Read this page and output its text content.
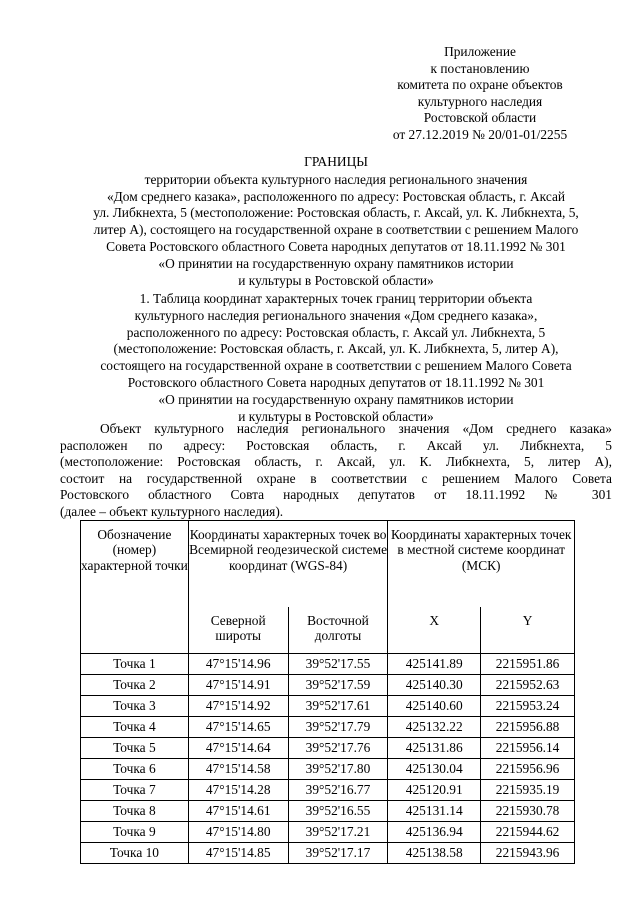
Приложение
к постановлению
комитета по охране объектов
культурного наследия
Ростовской области
от 27.12.2019 № 20/01-01/2255
ГРАНИЦЫ
территории объекта культурного наследия регионального значения
«Дом среднего казака», расположенного по адресу: Ростовская область, г. Аксай
ул. Либкнехта, 5 (местоположение: Ростовская область, г. Аксай, ул. К. Либкнехта, 5,
литер А), состоящего на государственной охране в соответствии с решением Малого
Совета Ростовского областного Совета народных депутатов от 18.11.1992 № 301
«О принятии на государственную охрану памятников истории
и культуры в Ростовской области»
1. Таблица координат характерных точек границ территории объекта
культурного наследия регионального значения «Дом среднего казака»,
расположенного по адресу: Ростовская область, г. Аксай ул. Либкнехта, 5
(местоположение: Ростовская область, г. Аксай, ул. К. Либкнехта, 5, литер А),
состоящего на государственной охране в соответствии с решением Малого Совета
Ростовского областного Совета народных депутатов от 18.11.1992 № 301
«О принятии на государственную охрану памятников истории
и культуры в Ростовской области»
Объект культурного наследия регионального значения «Дом среднего казака»
расположен по адресу: Ростовская область, г. Аксай ул. Либкнехта, 5
(местоположение: Ростовская область, г. Аксай, ул. К. Либкнехта, 5, литер А),
состоит на государственной охране в соответствии с решением Малого Совета
Ростовского областного Совта народных депутатов от 18.11.1992 № 301
(далее – объект культурного наследия).
Обозначение (номер) характерной точки	Координаты характерных точек во Всемирной геодезической системе координат (WGS-84)		Координаты характерных точек в местной системе координат (МСК)	
	Северной широты	Восточной долготы	X	Y
Точка 1	47°15'14.96	39°52'17.55	425141.89	2215951.86
Точка 2	47°15'14.91	39°52'17.59	425140.30	2215952.63
Точка 3	47°15'14.92	39°52'17.61	425140.60	2215953.24
Точка 4	47°15'14.65	39°52'17.79	425132.22	2215956.88
Точка 5	47°15'14.64	39°52'17.76	425131.86	2215956.14
Точка 6	47°15'14.58	39°52'17.80	425130.04	2215956.96
Точка 7	47°15'14.28	39°52'16.77	425120.91	2215935.19
Точка 8	47°15'14.61	39°52'16.55	425131.14	2215930.78
Точка 9	47°15'14.80	39°52'17.21	425136.94	2215944.62
Точка 10	47°15'14.85	39°52'17.17	425138.58	2215943.96
